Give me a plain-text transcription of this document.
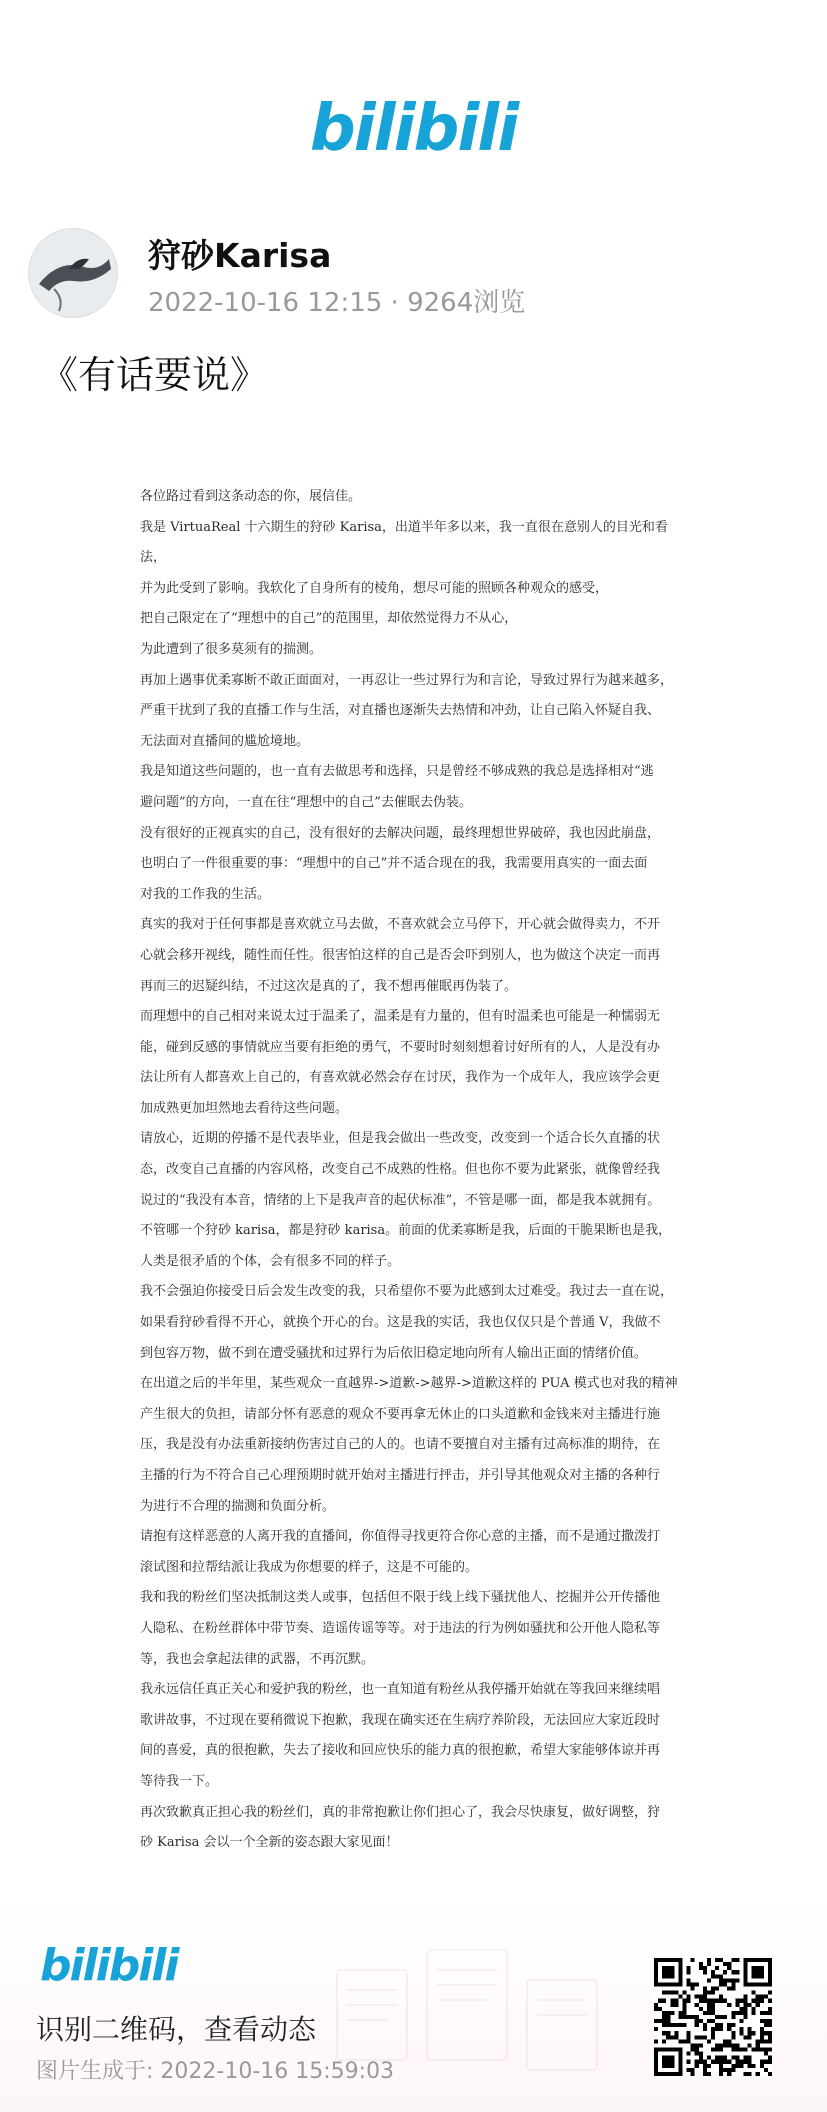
bilibili
狩砂Karisa
2022-10-16 12:15 · 9264浏览
《有话要说》

各位路过看到这条动态的你，展信佳。

我是 VirtuaReal 十六期生的狩砂 Karisa，出道半年多以来，我一直很在意别人的目光和看法，

并为此受到了影响。我软化了自身所有的棱角，想尽可能的照顾各种观众的感受，

把自己限定在了“理想中的自己”的范围里，却依然觉得力不从心，

为此遭到了很多莫须有的揣测。

再加上遇事优柔寡断不敢正面面对，一再忍让一些过界行为和言论，导致过界行为越来越多，

严重干扰到了我的直播工作与生活，对直播也逐渐失去热情和冲劲，让自己陷入怀疑自我、

无法面对直播间的尴尬境地。

我是知道这些问题的，也一直有去做思考和选择，只是曾经不够成熟的我总是选择相对“逃

避问题”的方向，一直在往“理想中的自己”去催眠去伪装。

没有很好的正视真实的自己，没有很好的去解决问题，最终理想世界破碎，我也因此崩盘，

也明白了一件很重要的事：“理想中的自己”并不适合现在的我，我需要用真实的一面去面

对我的工作我的生活。

真实的我对于任何事都是喜欢就立马去做，不喜欢就会立马停下，开心就会做得卖力，不开

心就会移开视线，随性而任性。很害怕这样的自己是否会吓到别人，也为做这个决定一而再

再而三的迟疑纠结，不过这次是真的了，我不想再催眠再伪装了。

而理想中的自己相对来说太过于温柔了，温柔是有力量的，但有时温柔也可能是一种懦弱无

能，碰到反感的事情就应当要有拒绝的勇气，不要时时刻刻想着讨好所有的人，人是没有办

法让所有人都喜欢上自己的，有喜欢就必然会存在讨厌，我作为一个成年人，我应该学会更

加成熟更加坦然地去看待这些问题。

请放心，近期的停播不是代表毕业，但是我会做出一些改变，改变到一个适合长久直播的状

态，改变自己直播的内容风格，改变自己不成熟的性格。但也你不要为此紧张，就像曾经我

说过的“我没有本音，情绪的上下是我声音的起伏标准”，不管是哪一面，都是我本就拥有。

不管哪一个狩砂 karisa，都是狩砂 karisa。前面的优柔寡断是我，后面的干脆果断也是我，

人类是很矛盾的个体，会有很多不同的样子。

我不会强迫你接受日后会发生改变的我，只希望你不要为此感到太过难受。我过去一直在说，

如果看狩砂看得不开心，就换个开心的台。这是我的实话，我也仅仅只是个普通 V，我做不

到包容万物，做不到在遭受骚扰和过界行为后依旧稳定地向所有人输出正面的情绪价值。

在出道之后的半年里，某些观众一直越界->道歉->越界->道歉这样的 PUA 模式也对我的精神

产生很大的负担，请部分怀有恶意的观众不要再拿无休止的口头道歉和金钱来对主播进行施

压，我是没有办法重新接纳伤害过自己的人的。也请不要擅自对主播有过高标准的期待，在

主播的行为不符合自己心理预期时就开始对主播进行抨击，并引导其他观众对主播的各种行

为进行不合理的揣测和负面分析。

请抱有这样恶意的人离开我的直播间，你值得寻找更符合你心意的主播，而不是通过撒泼打

滚试图和拉帮结派让我成为你想要的样子，这是不可能的。

我和我的粉丝们坚决抵制这类人或事，包括但不限于线上线下骚扰他人、挖掘并公开传播他

人隐私、在粉丝群体中带节奏、造谣传谣等等。对于违法的行为例如骚扰和公开他人隐私等

等，我也会拿起法律的武器，不再沉默。

我永远信任真正关心和爱护我的粉丝，也一直知道有粉丝从我停播开始就在等我回来继续唱

歌讲故事，不过现在要稍微说下抱歉，我现在确实还在生病疗养阶段，无法回应大家近段时

间的喜爱，真的很抱歉，失去了接收和回应快乐的能力真的很抱歉，希望大家能够体谅并再

等待我一下。

再次致歉真正担心我的粉丝们，真的非常抱歉让你们担心了，我会尽快康复，做好调整，狩

砂 Karisa 会以一个全新的姿态跟大家见面！

bilibili
识别二维码，查看动态
图片生成于: 2022-10-16 15:59:03
